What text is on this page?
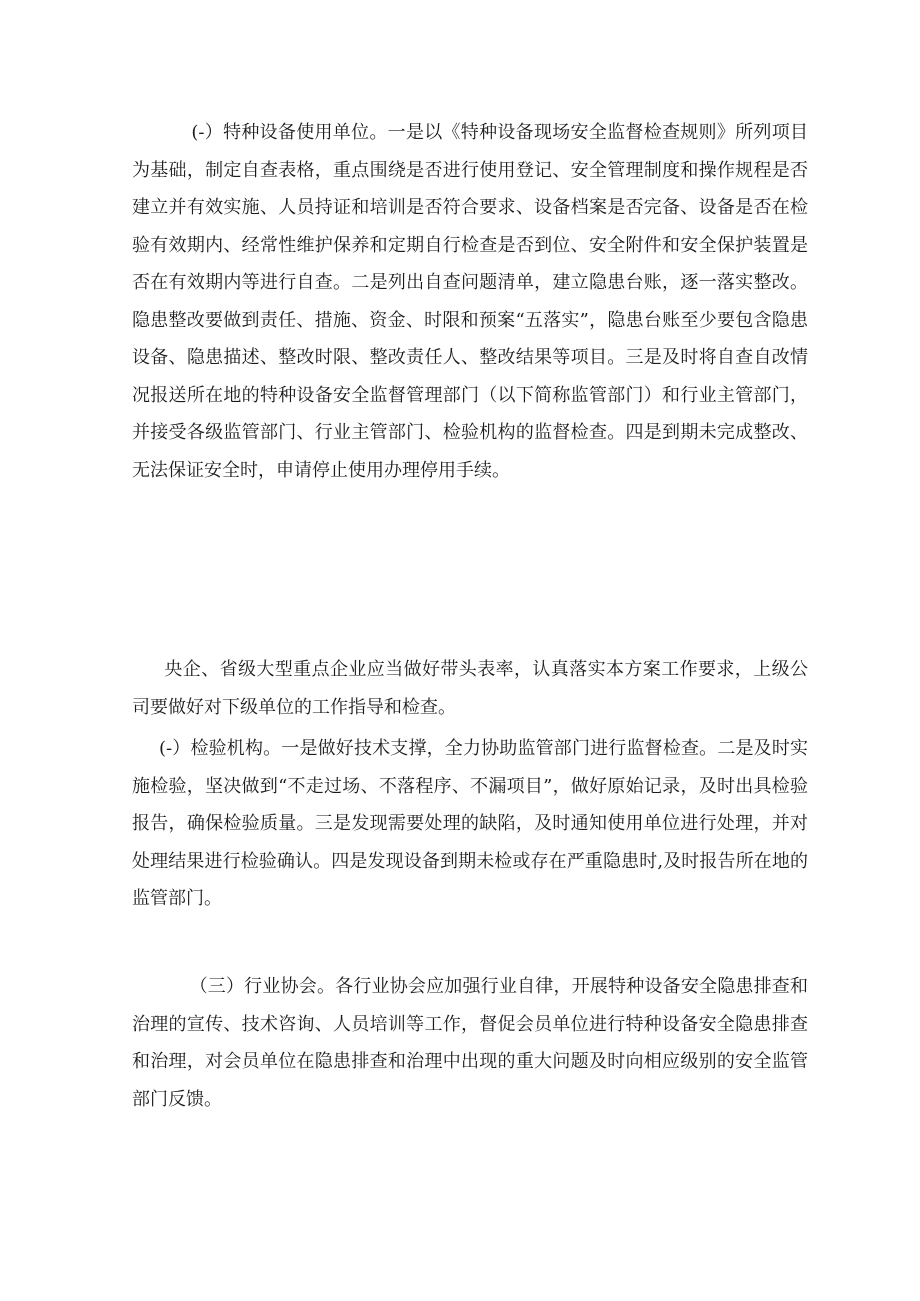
(-）特种设备使用单位。一是以《特种设备现场安全监督检查规则》所列项目为基础，制定自查表格，重点围绕是否进行使用登记、安全管理制度和操作规程是否建立并有效实施、人员持证和培训是否符合要求、设备档案是否完备、设备是否在检验有效期内、经常性维护保养和定期自行检查是否到位、安全附件和安全保护装置是否在有效期内等进行自查。二是列出自查问题清单，建立隐患台账，逐一落实整改。隐患整改要做到责任、措施、资金、时限和预案“五落实”，隐患台账至少要包含隐患设备、隐患描述、整改时限、整改责任人、整改结果等项目。三是及时将自查自改情况报送所在地的特种设备安全监督管理部门（以下简称监管部门）和行业主管部门，并接受各级监管部门、行业主管部门、检验机构的监督检查。四是到期未完成整改、无法保证安全时，申请停止使用办理停用手续。

央企、省级大型重点企业应当做好带头表率，认真落实本方案工作要求，上级公司要做好对下级单位的工作指导和检查。

(-）检验机构。一是做好技术支撑，全力协助监管部门进行监督检查。二是及时实施检验，坚决做到“不走过场、不落程序、不漏项目”，做好原始记录，及时出具检验报告，确保检验质量。三是发现需要处理的缺陷，及时通知使用单位进行处理，并对处理结果进行检验确认。四是发现设备到期未检或存在严重隐患时,及时报告所在地的监管部门。

（三）行业协会。各行业协会应加强行业自律，开展特种设备安全隐患排查和治理的宣传、技术咨询、人员培训等工作，督促会员单位进行特种设备安全隐患排查和治理，对会员单位在隐患排查和治理中出现的重大问题及时向相应级别的安全监管部门反馈。
